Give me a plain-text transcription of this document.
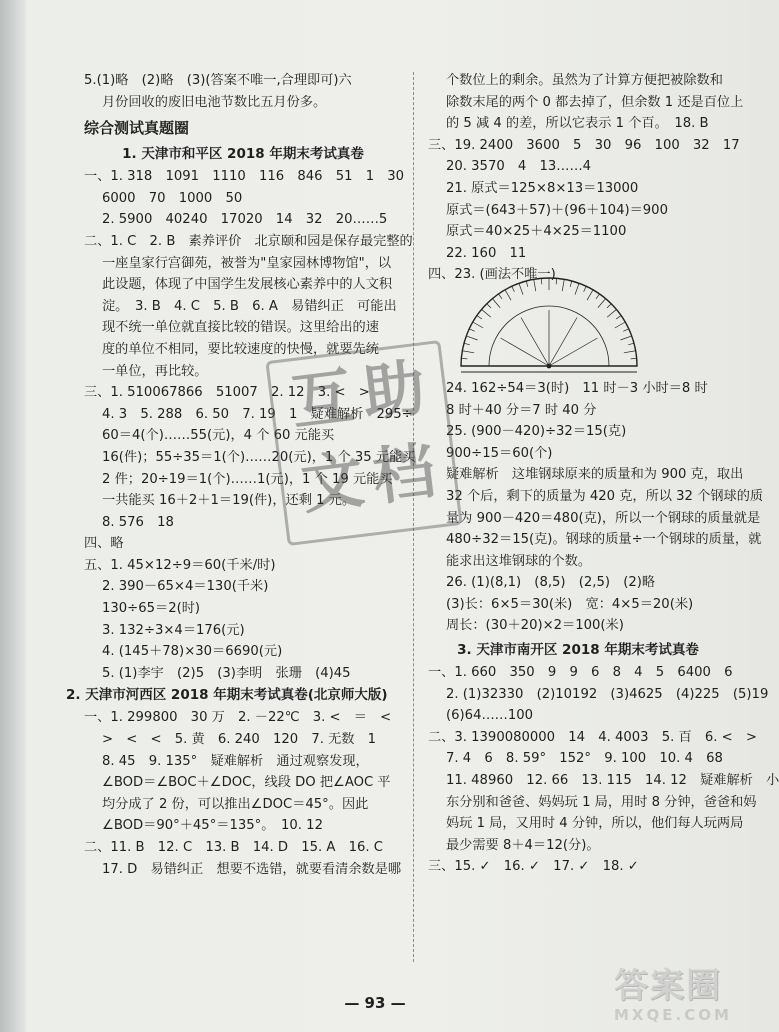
5.(1)略　(2)略　(3)(答案不唯一,合理即可)六
月份回收的废旧电池节数比五月份多。
综合测试真题圈
1. 天津市和平区 2018 年期末考试真卷
一、1. 318　1091　1110　116　846　51　1　30
6000　70　1000　50
2. 5900　40240　17020　14　32　20……5
二、1. C　2. B　素养评价　北京颐和园是保存最完整的
一座皇家行宫御苑，被誉为"皇家园林博物馆"，以
此设题，体现了中国学生发展核心素养中的人文积
淀。　3. B　4. C　5. B　6. A　易错纠正　可能出
现不统一单位就直接比较的错误。这里给出的速
度的单位不相同，要比较速度的快慢，就要先统
一单位，再比较。
三、1. 510067866　51007　2. 12　3. <　>
4. 3　5. 288　6. 50　7. 19　1　疑难解析　295÷
60＝4(个)……55(元)，4 个 60 元能买
16(件)；55÷35＝1(个)……20(元)，1 个 35 元能买
2 件；20÷19＝1(个)……1(元)，1 个 19 元能买
一共能买 16＋2＋1＝19(件)，还剩 1 元。
8. 576　18
四、略
五、1. 45×12÷9＝60(千米/时)
2. 390－65×4＝130(千米)
130÷65＝2(时)
3. 132÷3×4＝176(元)
4. (145＋78)×30＝6690(元)
5. (1)李宇　(2)5　(3)李明　张珊　(4)45
2. 天津市河西区 2018 年期末考试真卷(北京师大版)
一、1. 299800　30 万　2. －22℃　3. <　＝　<
>　<　<　5. 黄　6. 240　120　7. 无数　1
8. 45　9. 135°　疑难解析　通过观察发现，
∠BOD＝∠BOC＋∠DOC，线段 DO 把∠AOC 平
均分成了 2 份，可以推出∠DOC＝45°。因此
∠BOD＝90°＋45°＝135°。　10. 12
二、11. B　12. C　13. B　14. D　15. A　16. C
17. D　易错纠正　想要不选错，就要看清余数是哪
个数位上的剩余。虽然为了计算方便把被除数和
除数末尾的两个 0 都去掉了，但余数 1 还是百位上
的 5 减 4 的差，所以它表示 1 个百。　18. B
三、19. 2400　3600　5　30　96　100　32　17
20. 3570　4　13……4
21. 原式＝125×8×13＝13000
原式＝(643＋57)＋(96＋104)＝900
原式＝40×25＋4×25＝1100
22. 160　11
四、23. (画法不唯一)
24. 162÷54＝3(时)　11 时－3 小时＝8 时
8 时＋40 分＝7 时 40 分
25. (900－420)÷32＝15(克)
900÷15＝60(个)
疑难解析　这堆钢球原来的质量和为 900 克，取出
32 个后，剩下的质量为 420 克，所以 32 个钢球的质
量为 900－420＝480(克)，所以一个钢球的质量就是
480÷32＝15(克)。钢球的质量÷一个钢球的质量，就
能求出这堆钢球的个数。
26. (1)(8,1)　(8,5)　(2,5)　(2)略
(3)长：6×5＝30(米)　宽：4×5＝20(米)
周长：(30＋20)×2＝100(米)
3. 天津市南开区 2018 年期末考试真卷
一、1. 660　350　9　9　6　8　4　5　6400　6
2. (1)32330　(2)10192　(3)4625　(4)225　(5)19
(6)64……100
二、3. 1390080000　14　4. 4003　5. 百　6. <　>
7. 4　6　8. 59°　152°　9. 100　10. 4　68
11. 48960　12. 66　13. 115　14. 12　疑难解析　小
东分别和爸爸、妈妈玩 1 局，用时 8 分钟，爸爸和妈
妈玩 1 局，又用时 4 分钟，所以，他们每人玩两局
最少需要 8＋4＝12(分)。
三、15. ✓　16. ✓　17. ✓　18. ✓
互 助
文 档
— 93 —	答案圈
MXQE.COM
